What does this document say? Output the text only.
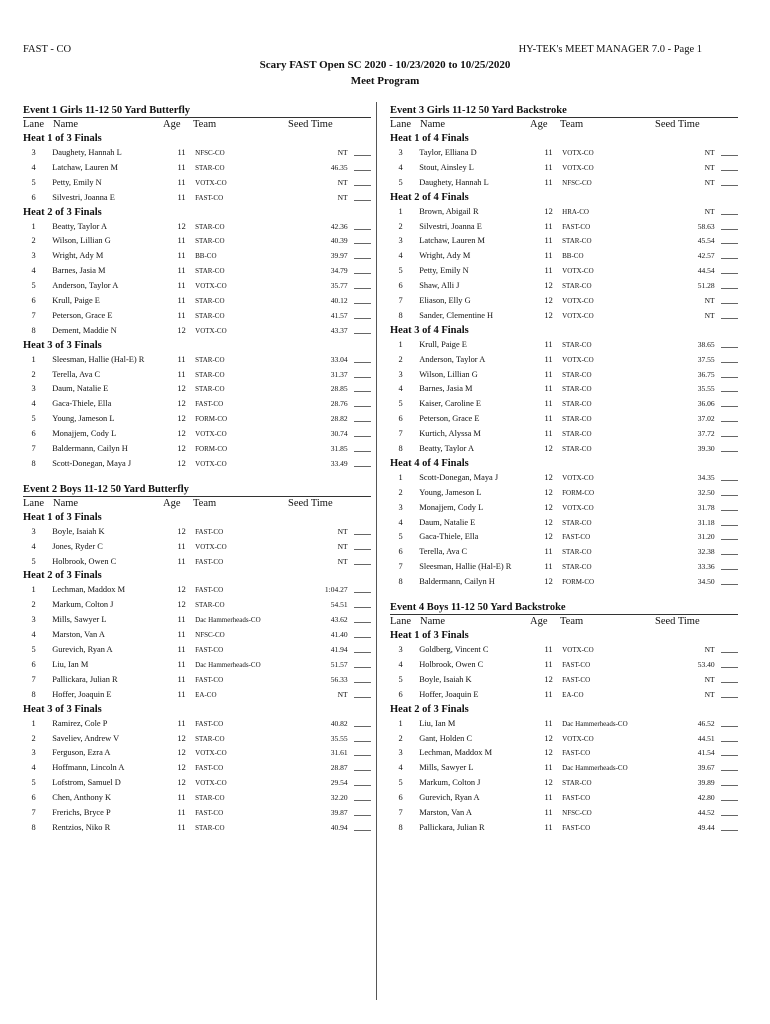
FAST - CO	HY-TEK's MEET MANAGER 7.0 - Page 1
Scary FAST Open SC 2020 - 10/23/2020 to 10/25/2020
Meet Program
Event 1 Girls 11-12 50 Yard Butterfly
Lane Name	Age	Team	Seed Time
Heat 1 of 3 Finals
3	Daughety, Hannah L	11	NFSC-CO	NT
4	Latchaw, Lauren M	11	STAR-CO	46.35
5	Petty, Emily N	11	VOTX-CO	NT
6	Silvestri, Joanna E	11	FAST-CO	NT
Heat 2 of 3 Finals
1	Beatty, Taylor A	12	STAR-CO	42.36
2	Wilson, Lillian G	11	STAR-CO	40.39
3	Wright, Ady M	11	BB-CO	39.97
4	Barnes, Jasia M	11	STAR-CO	34.79
5	Anderson, Taylor A	11	VOTX-CO	35.77
6	Krull, Paige E	11	STAR-CO	40.12
7	Peterson, Grace E	11	STAR-CO	41.57
8	Dement, Maddie N	12	VOTX-CO	43.37
Heat 3 of 3 Finals
1	Sleesman, Hallie (Hal-E) R	11	STAR-CO	33.04
2	Terella, Ava C	11	STAR-CO	31.37
3	Daum, Natalie E	12	STAR-CO	28.85
4	Gaca-Thiele, Ella	12	FAST-CO	28.76
5	Young, Jameson L	12	FORM-CO	28.82
6	Monajjem, Cody L	12	VOTX-CO	30.74
7	Baldermann, Cailyn H	12	FORM-CO	31.85
8	Scott-Donegan, Maya J	12	VOTX-CO	33.49
Event 2 Boys 11-12 50 Yard Butterfly
Lane Name	Age	Team	Seed Time
Heat 1 of 3 Finals
3	Boyle, Isaiah K	12	FAST-CO	NT
4	Jones, Ryder C	11	VOTX-CO	NT
5	Holbrook, Owen C	11	FAST-CO	NT
Heat 2 of 3 Finals
1	Lechman, Maddox M	12	FAST-CO	1:04.27
2	Markum, Colton J	12	STAR-CO	54.51
3	Mills, Sawyer L	11	Dac Hammerheads-CO	43.62
4	Marston, Van A	11	NFSC-CO	41.40
5	Gurevich, Ryan A	11	FAST-CO	41.94
6	Liu, Ian M	11	Dac Hammerheads-CO	51.57
7	Pallickara, Julian R	11	FAST-CO	56.33
8	Hoffer, Joaquin E	11	EA-CO	NT
Heat 3 of 3 Finals
1	Ramirez, Cole P	11	FAST-CO	40.82
2	Saveliev, Andrew V	12	STAR-CO	35.55
3	Ferguson, Ezra A	12	VOTX-CO	31.61
4	Hoffmann, Lincoln A	12	FAST-CO	28.87
5	Lofstrom, Samuel D	12	VOTX-CO	29.54
6	Chen, Anthony K	11	STAR-CO	32.20
7	Frerichs, Bryce P	11	FAST-CO	39.87
8	Rentzios, Niko R	11	STAR-CO	40.94
Event 3 Girls 11-12 50 Yard Backstroke
Lane Name	Age	Team	Seed Time
Heat 1 of 4 Finals
3	Taylor, Elliana D	11	VOTX-CO	NT
4	Stout, Ainsley L	11	VOTX-CO	NT
5	Daughety, Hannah L	11	NFSC-CO	NT
Heat 2 of 4 Finals
1	Brown, Abigail R	12	HRA-CO	NT
2	Silvestri, Joanna E	11	FAST-CO	58.63
3	Latchaw, Lauren M	11	STAR-CO	45.54
4	Wright, Ady M	11	BB-CO	42.57
5	Petty, Emily N	11	VOTX-CO	44.54
6	Shaw, Alli J	12	STAR-CO	51.28
7	Eliason, Elly G	12	VOTX-CO	NT
8	Sander, Clementine H	12	VOTX-CO	NT
Heat 3 of 4 Finals
1	Krull, Paige E	11	STAR-CO	38.65
2	Anderson, Taylor A	11	VOTX-CO	37.55
3	Wilson, Lillian G	11	STAR-CO	36.75
4	Barnes, Jasia M	11	STAR-CO	35.55
5	Kaiser, Caroline E	11	STAR-CO	36.06
6	Peterson, Grace E	11	STAR-CO	37.02
7	Kurtich, Alyssa M	11	STAR-CO	37.72
8	Beatty, Taylor A	12	STAR-CO	39.30
Heat 4 of 4 Finals
1	Scott-Donegan, Maya J	12	VOTX-CO	34.35
2	Young, Jameson L	12	FORM-CO	32.50
3	Monajjem, Cody L	12	VOTX-CO	31.78
4	Daum, Natalie E	12	STAR-CO	31.18
5	Gaca-Thiele, Ella	12	FAST-CO	31.20
6	Terella, Ava C	11	STAR-CO	32.38
7	Sleesman, Hallie (Hal-E) R	11	STAR-CO	33.36
8	Baldermann, Cailyn H	12	FORM-CO	34.50
Event 4 Boys 11-12 50 Yard Backstroke
Lane Name	Age	Team	Seed Time
Heat 1 of 3 Finals
3	Goldberg, Vincent C	11	VOTX-CO	NT
4	Holbrook, Owen C	11	FAST-CO	53.40
5	Boyle, Isaiah K	12	FAST-CO	NT
6	Hoffer, Joaquin E	11	EA-CO	NT
Heat 2 of 3 Finals
1	Liu, Ian M	11	Dac Hammerheads-CO	46.52
2	Gant, Holden C	12	VOTX-CO	44.51
3	Lechman, Maddox M	12	FAST-CO	41.54
4	Mills, Sawyer L	11	Dac Hammerheads-CO	39.67
5	Markum, Colton J	12	STAR-CO	39.89
6	Gurevich, Ryan A	11	FAST-CO	42.80
7	Marston, Van A	11	NFSC-CO	44.52
8	Pallickara, Julian R	11	FAST-CO	49.44
